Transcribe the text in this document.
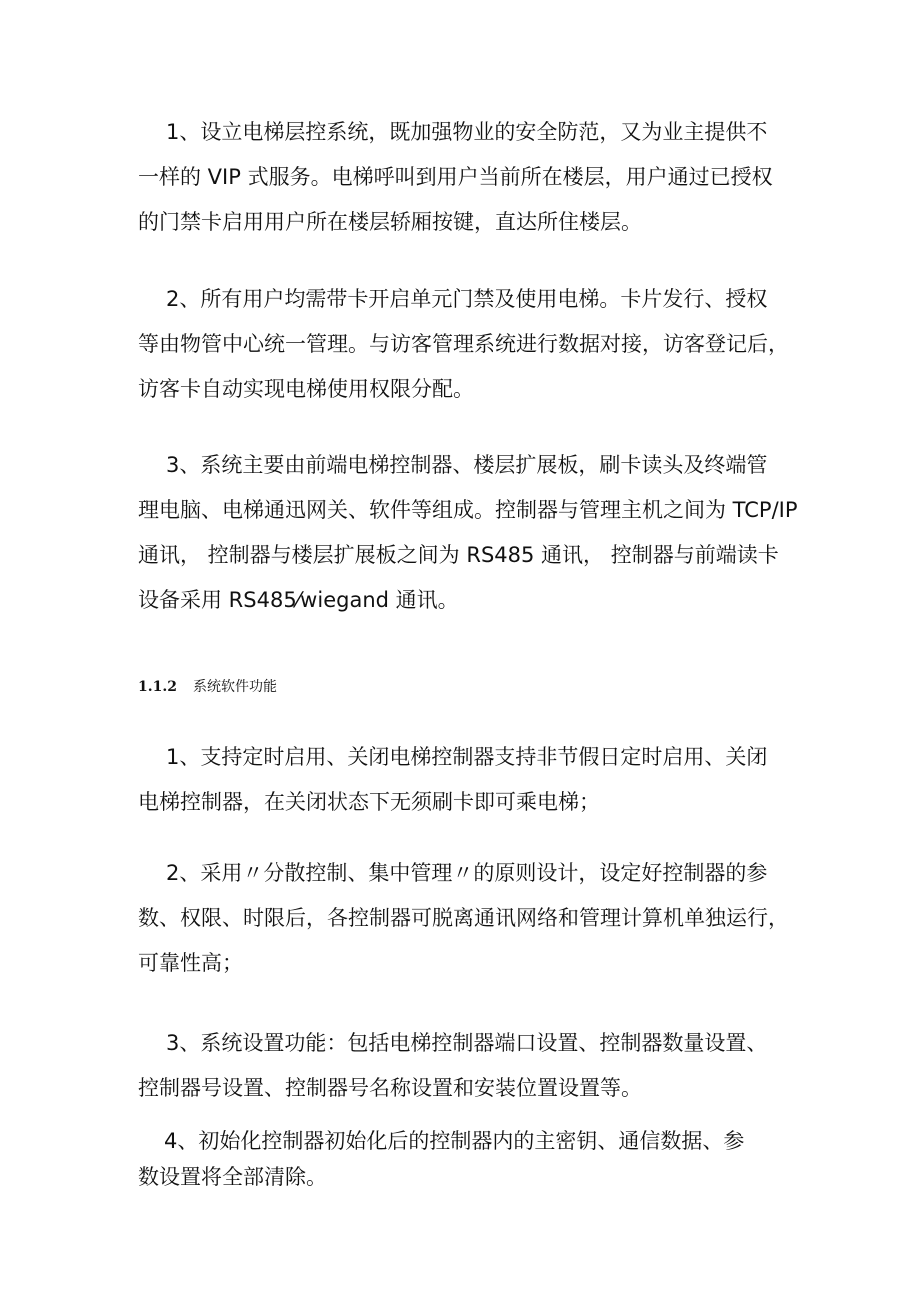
1、设立电梯层控系统，既加强物业的安全防范，又为业主提供不
一样的 VIP 式服务。电梯呼叫到用户当前所在楼层，用户通过已授权
的门禁卡启用用户所在楼层轿厢按键，直达所住楼层。
2、所有用户均需带卡开启单元门禁及使用电梯。卡片发行、授权
等由物管中心统一管理。与访客管理系统进行数据对接，访客登记后，
访客卡自动实现电梯使用权限分配。
3、系统主要由前端电梯控制器、楼层扩展板，刷卡读头及终端管
理电脑、电梯通迅网关、软件等组成。控制器与管理主机之间为 TCP/IP
通讯， 控制器与楼层扩展板之间为 RS485 通讯， 控制器与前端读卡
设备采用 RS485⁄wiegand 通讯。
1.1.2 系统软件功能
1、支持定时启用、关闭电梯控制器支持非节假日定时启用、关闭
电梯控制器，在关闭状态下无须刷卡即可乘电梯；
2、采用〃分散控制、集中管理〃的原则设计，设定好控制器的参
数、权限、时限后，各控制器可脱离通讯网络和管理计算机单独运行，
可靠性高；
3、系统设置功能：包括电梯控制器端口设置、控制器数量设置、
控制器号设置、控制器号名称设置和安装位置设置等。
4、初始化控制器初始化后的控制器内的主密钥、通信数据、参
数设置将全部清除。
